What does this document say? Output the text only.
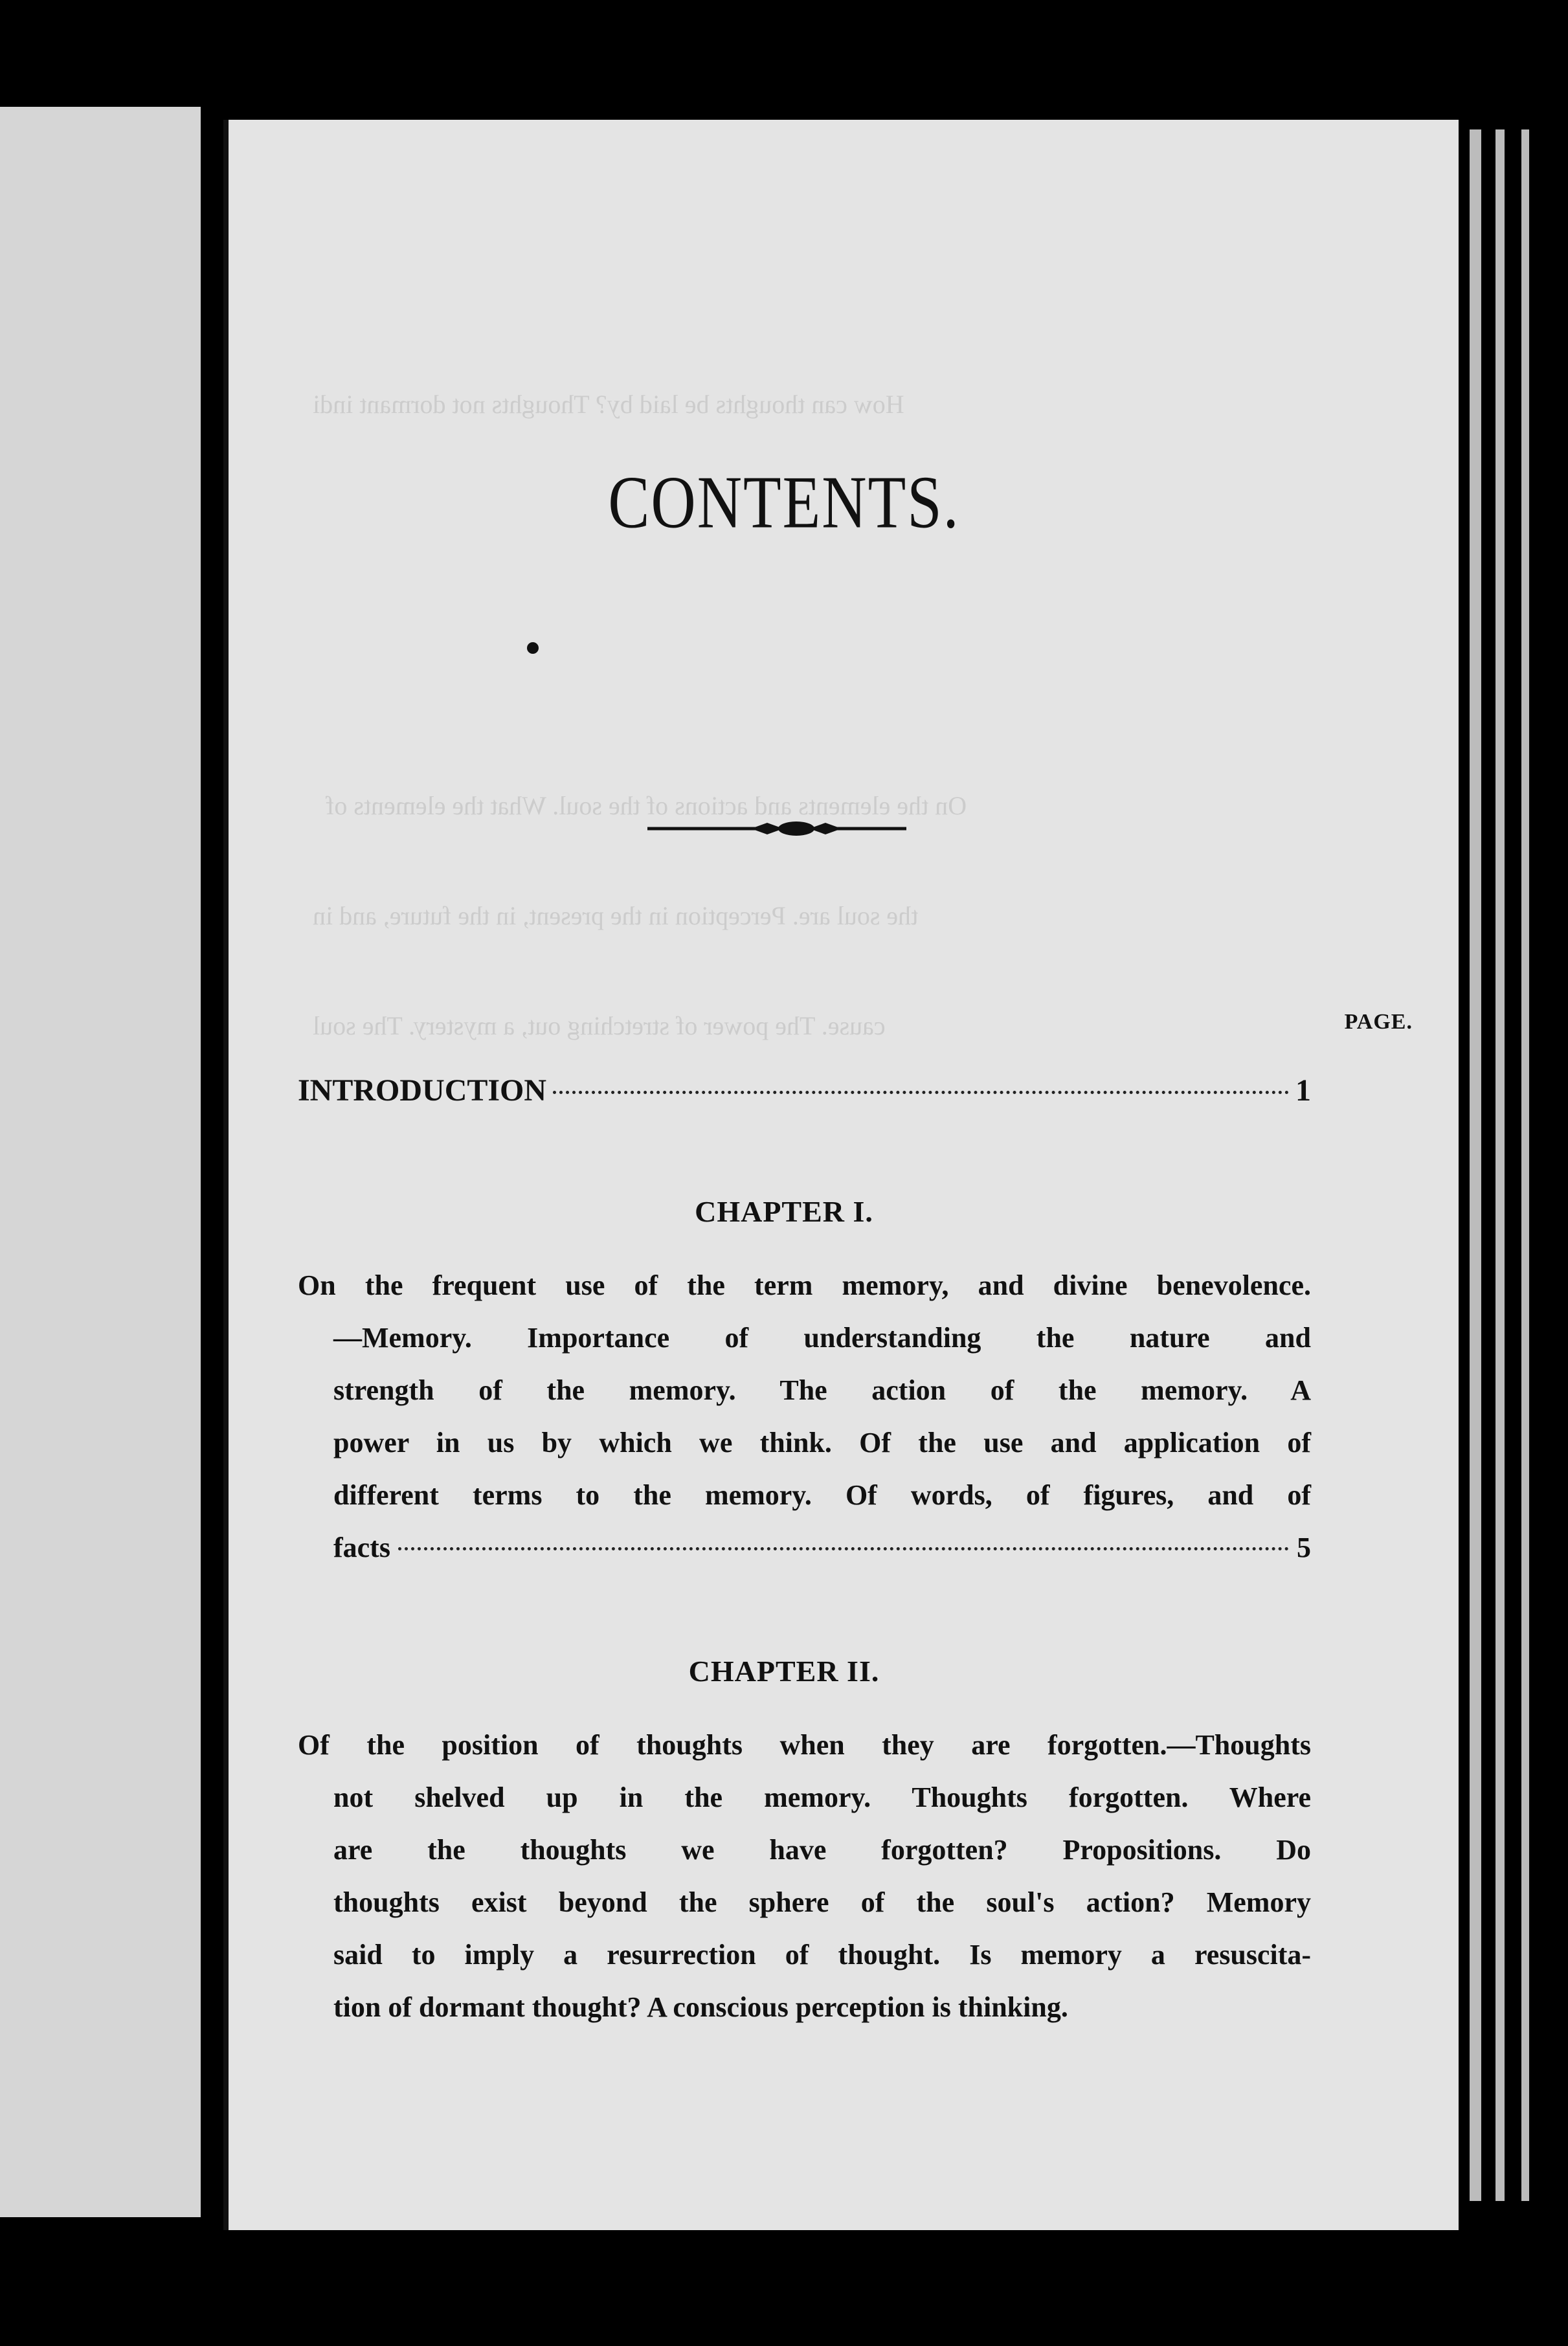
How can thoughts be laid by? Thoughts not dormant indi
On the elements and actions of the soul. What the elements of
the soul are. Perception in the present, in the future, and in
cause. The power of stretching out, a mystery. The soul
CONTENTS.
PAGE.
INTRODUCTION	1
CHAPTER I.
On the frequent use of the term memory, and divine benevolence.
—Memory. Importance of understanding the nature and
strength of the memory. The action of the memory. A
power in us by which we think. Of the use and application of
different terms to the memory. Of words, of figures, and of
facts	5
CHAPTER II.
Of the position of thoughts when they are forgotten.—Thoughts
not shelved up in the memory. Thoughts forgotten. Where
are the thoughts we have forgotten? Propositions. Do
thoughts exist beyond the sphere of the soul's action? Memory
said to imply a resurrection of thought. Is memory a resuscita-
tion of dormant thought? A conscious perception is thinking.
